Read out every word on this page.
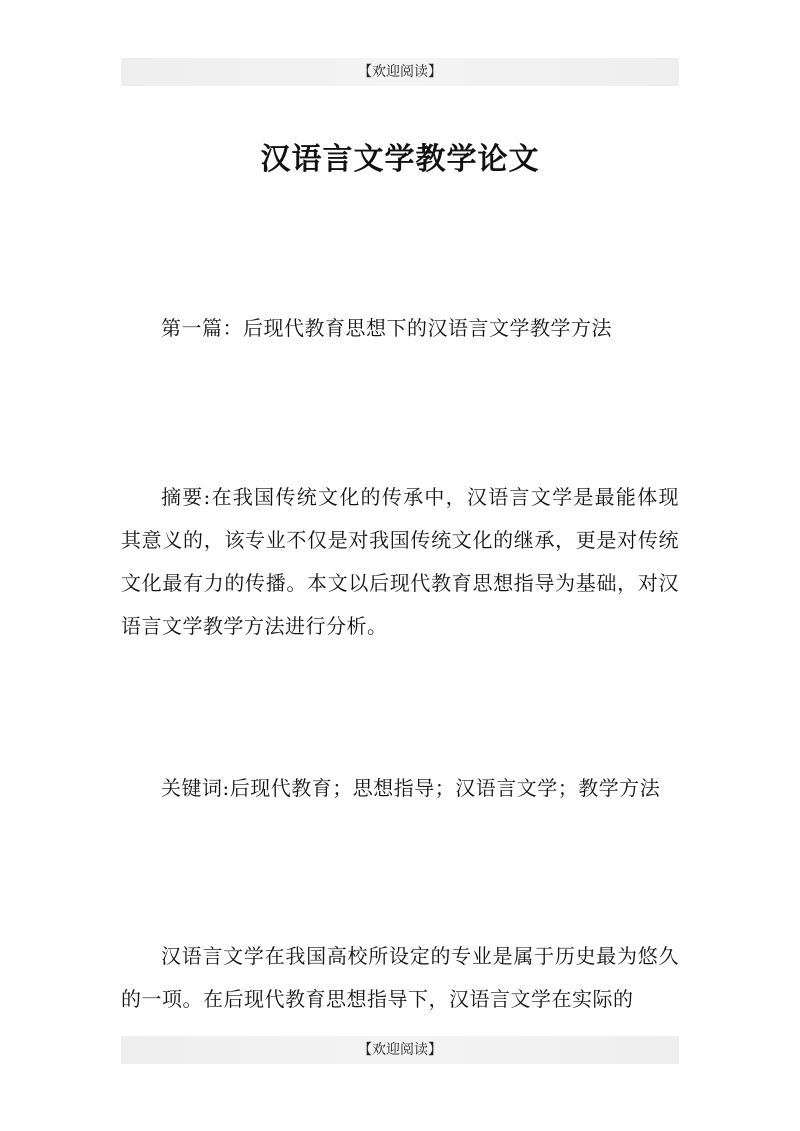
【欢迎阅读】
汉语言文学教学论文

第一篇：后现代教育思想下的汉语言文学教学方法

摘要:在我国传统文化的传承中，汉语言文学是最能体现其意义的，该专业不仅是对我国传统文化的继承，更是对传统文化最有力的传播。本文以后现代教育思想指导为基础，对汉语言文学教学方法进行分析。

关键词:后现代教育；思想指导；汉语言文学；教学方法

汉语言文学在我国高校所设定的专业是属于历史最为悠久的一项。在后现代教育思想指导下，汉语言文学在实际的

【欢迎阅读】
